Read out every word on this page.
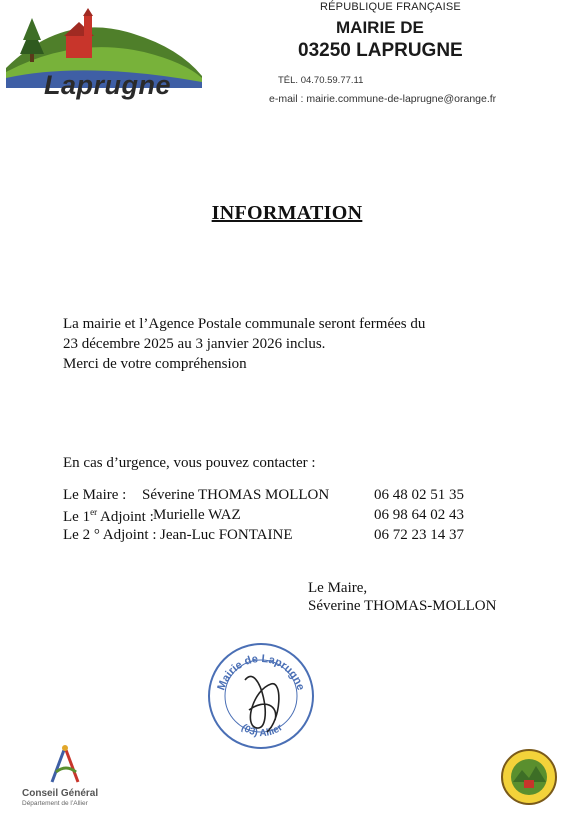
Laprugne
RÉPUBLIQUE FRANÇAISE
MAIRIE DE
03250 LAPRUGNE
TÉL. 04.70.59.77.11
e-mail : mairie.commune-de-laprugne@orange.fr
INFORMATION
La mairie et l’Agence Postale communale seront fermées du
23 décembre 2025 au 3 janvier 2026 inclus.
Merci de votre compréhension
En cas d’urgence, vous pouvez contacter :
Le Maire : Séverine THOMAS MOLLON	06 48 02 51 35
Le 1er Adjoint : Murielle WAZ	06 98 64 02 43
Le 2 ° Adjoint : Jean-Luc FONTAINE	06 72 23 14 37
Le Maire,
Séverine THOMAS-MOLLON
Mairie de Laprugne
(03) Allier
Conseil Général
Département de l’Allier
